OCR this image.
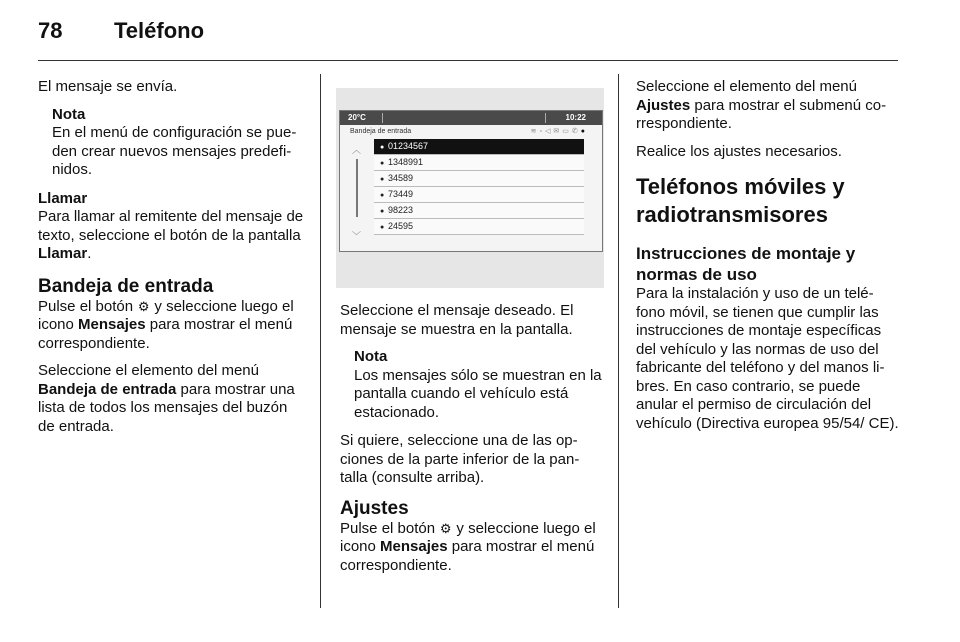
78 Teléfono

El mensaje se envía.

Nota
En el menú de configuración se pue-den crear nuevos mensajes predefi-nidos.
Llamar

Para llamar al remitente del mensaje de texto, seleccione el botón de la pantalla Llamar.

Bandeja de entrada

Pulse el botón ⚙ y seleccione luego el icono Mensajes para mostrar el menú correspondiente.

Seleccione el elemento del menú Bandeja de entrada para mostrar una lista de todos los mensajes del buzón de entrada.

20°C	10:22
Bandeja de entrada	≋▫◁✉▭✆●
︿
﹀
● 01234567
● 1348991
● 34589
● 73449
● 98223
● 24595

Seleccione el mensaje deseado. El mensaje se muestra en la pantalla.

Nota
Los mensajes sólo se muestran en la pantalla cuando el vehículo está estacionado.

Si quiere, seleccione una de las op-ciones de la parte inferior de la pan-talla (consulte arriba).

Ajustes

Pulse el botón ⚙ y seleccione luego el icono Mensajes para mostrar el menú correspondiente.

Seleccione el elemento del menú Ajustes para mostrar el submenú co-rrespondiente.

Realice los ajustes necesarios.

Teléfonos móviles y radiotransmisores
Instrucciones de montaje y normas de uso

Para la instalación y uso de un telé-fono móvil, se tienen que cumplir las instrucciones de montaje específicas del vehículo y las normas de uso del fabricante del teléfono y del manos li-bres. En caso contrario, se puede anular el permiso de circulación del vehículo (Directiva europea 95/54/ CE).
